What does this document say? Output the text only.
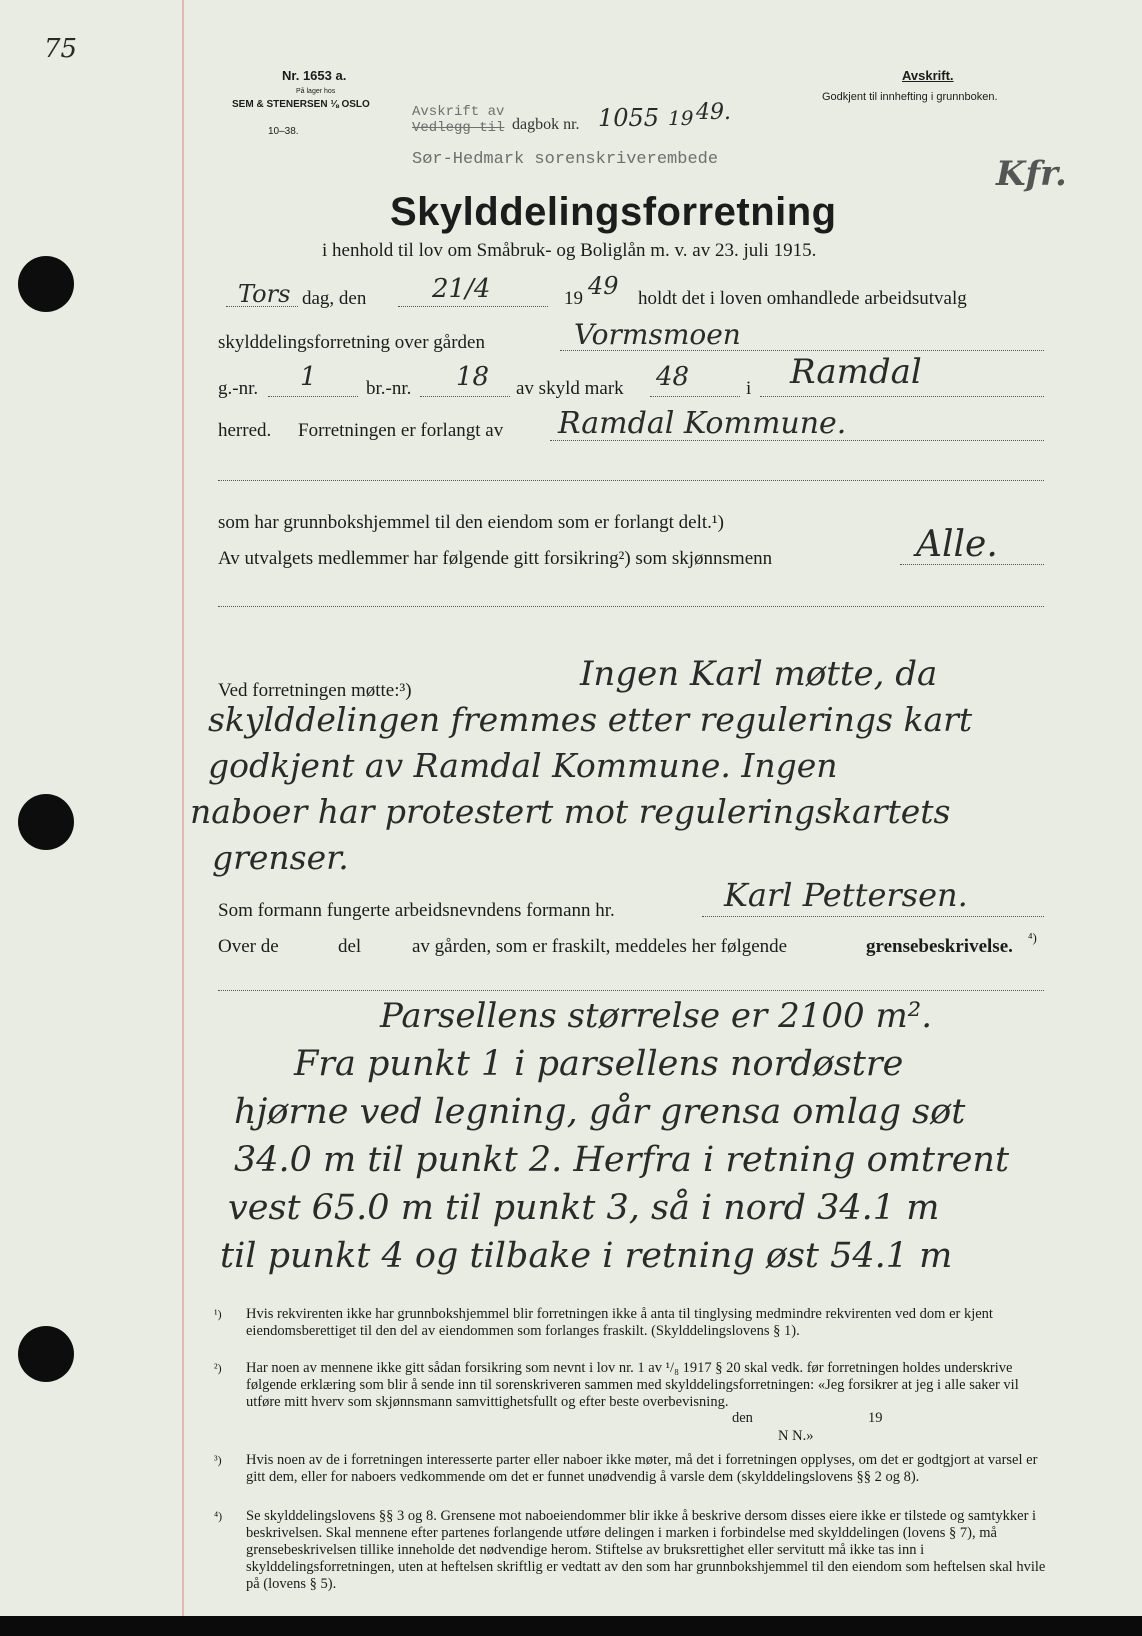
75
Nr. 1653 a.
På lager hos
SEM & STENERSEN ⅛ OSLO
10–38.
Avskrift av
Vedlegg til dagbok nr. 1055 19 49.
Sør-Hedmark sorenskriverembede
Avskrift.
Godkjent til innhefting i grunnboken.
Kfr.
Skylddelingsforretning
i henhold til lov om Småbruk- og Boliglån m. v. av 23. juli 1915.
Tors dag, den	21/4	19 49 holdt det i loven omhandlede arbeidsutvalg
skylddelingsforretning over gården	Vormsmoen
g.-nr. 1	br.-nr. 18 av skyld mark 48	i Ramdal
herred. Forretningen er forlangt av Ramdal Kommune.
som har grunnbokshjemmel til den eiendom som er forlangt delt.¹)
Av utvalgets medlemmer har følgende gitt forsikring²) som skjønnsmenn	Alle.
Ved forretningen møtte:³)	Ingen Karl møtte, da
skylddelingen fremmes etter regulerings kart
godkjent av Ramdal Kommune. Ingen
naboer har protestert mot reguleringskartets
grenser.
Som formann fungerte arbeidsnevndens formann hr.	Karl Pettersen.
Over de	del	av gården, som er fraskilt, meddeles her følgende	grensebeskrivelse. ⁴)
Parsellens størrelse er 2100 m².
Fra punkt 1 i parsellens nordøstre
hjørne ved legning, går grensa omlag søt
34.0 m til punkt 2. Herfra i retning omtrent
vest 65.0 m til punkt 3, så i nord 34.1 m
til punkt 4 og tilbake i retning øst 54.1 m
¹) Hvis rekvirenten ikke har grunnbokshjemmel blir forretningen ikke å anta til tinglysing medmindre rekvirenten ved dom er kjent eiendomsberettiget til den del av eiendommen som forlanges fraskilt. (Skylddelingslovens § 1).
²) Har noen av mennene ikke gitt sådan forsikring som nevnt i lov nr. 1 av ¹/₈ 1917 § 20 skal vedk. før forretningen holdes underskrive følgende erklæring som blir å sende inn til sorenskriveren sammen med skylddelingsforretningen: «Jeg forsikrer at jeg i alle saker vil utføre mitt hverv som skjønnsmann samvittighetsfullt og efter beste overbevisning.
den	19
N N.»
³) Hvis noen av de i forretningen interesserte parter eller naboer ikke møter, må det i forretningen opplyses, om det er godtgjort at varsel er gitt dem, eller for naboers vedkommende om det er funnet unødvendig å varsle dem (skylddelingslovens §§ 2 og 8).
⁴) Se skylddelingslovens §§ 3 og 8. Grensene mot naboeiendommer blir ikke å beskrive dersom disses eiere ikke er tilstede og samtykker i beskrivelsen. Skal mennene efter partenes forlangende utføre delingen i marken i forbindelse med skylddelingen (lovens § 7), må grensebeskrivelsen tillike inneholde det nødvendige herom. Stiftelse av bruksrettighet eller servitutt må ikke tas inn i skylddelingsforretningen, uten at heftelsen skriftlig er vedtatt av den som har grunnbokshjemmel til den eiendom som heftelsen skal hvile på (lovens § 5).
